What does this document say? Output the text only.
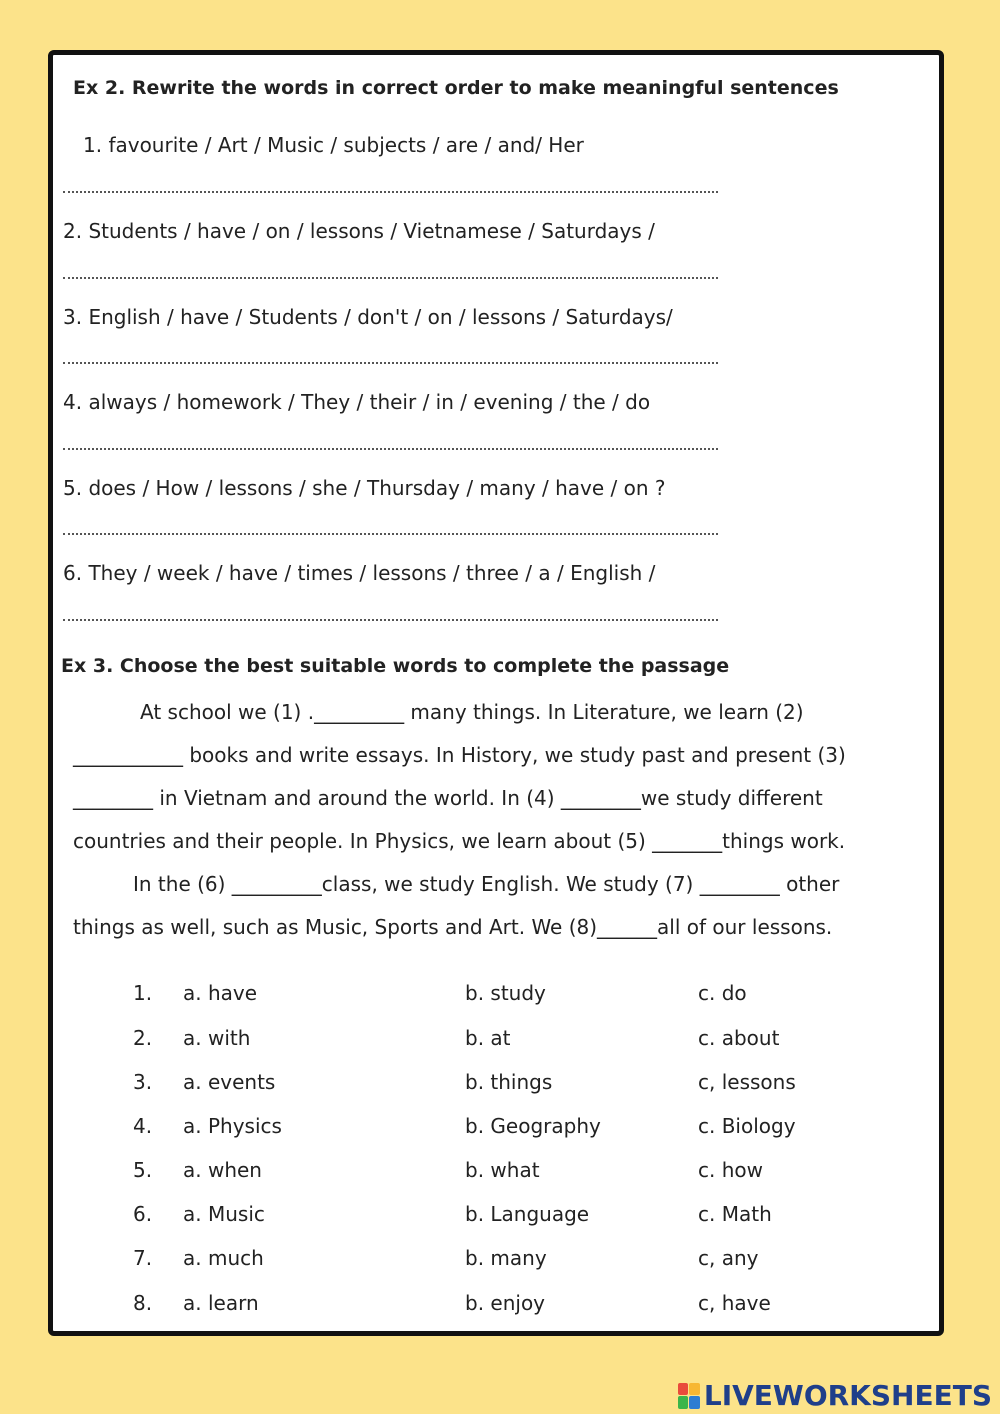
Ex 2. Rewrite the words in correct order to make meaningful sentences
1. favourite / Art / Music / subjects / are / and/ Her
2. Students / have / on / lessons / Vietnamese / Saturdays /
3. English / have / Students / don't / on / lessons / Saturdays/
4. always / homework / They / their / in / evening / the / do
5. does / How / lessons / she / Thursday / many / have / on ?
6. They / week / have / times / lessons / three / a / English /
Ex 3. Choose the best suitable words to complete the passage
At school we (1) ._________ many things. In Literature, we learn (2)
___________ books and write essays. In History, we study past and present (3)
________ in Vietnam and around the world. In (4) ________we study different
countries and their people. In Physics, we learn about (5) _______things work.
In the (6) _________class, we study English. We study (7) ________ other
things as well, such as Music, Sports and Art. We (8)______all of our lessons.
1. a. have	b. study	c. do
2. a. with	b. at	c. about
3. a. events	b. things	c, lessons
4. a. Physics	b. Geography	c. Biology
5. a. when	b. what	c. how
6. a. Music	b. Language	c. Math
7. a. much	b. many	c, any
8. a. learn	b. enjoy	c, have
LIVEWORKSHEETS
